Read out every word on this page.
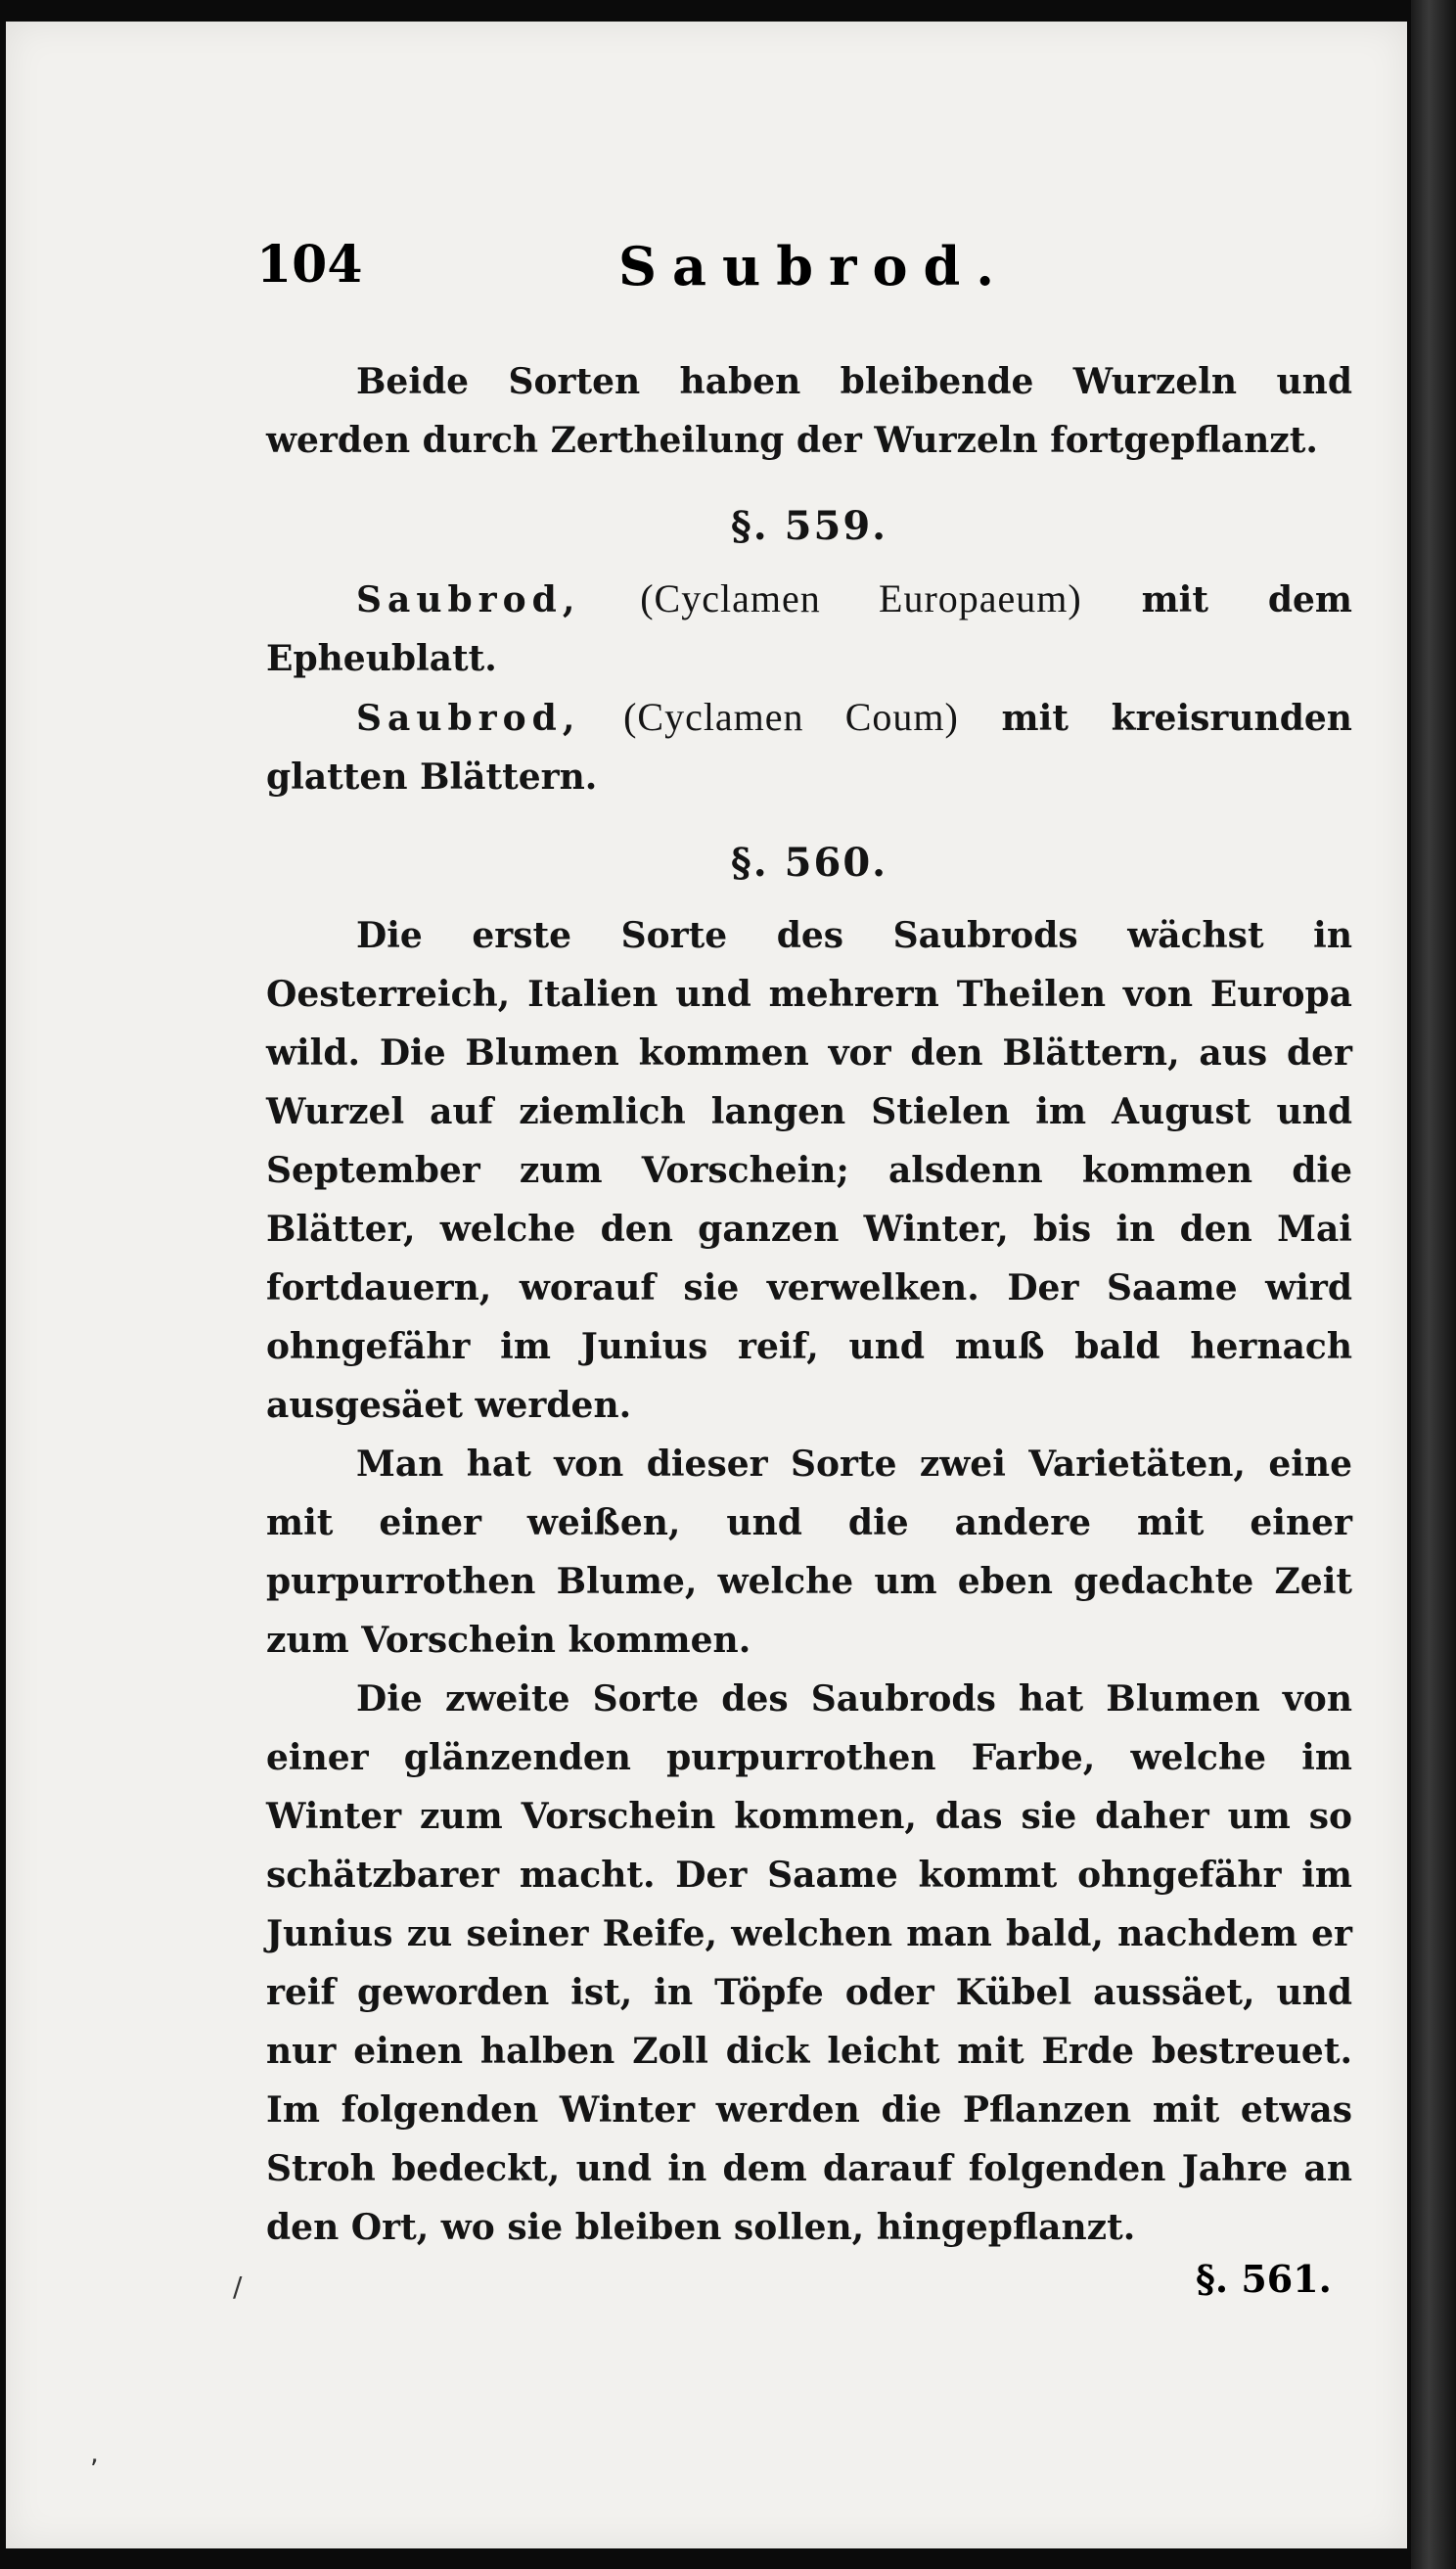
104	Saubrod.

Beide Sorten haben bleibende Wurzeln und werden durch Zertheilung der Wurzeln fortgepflanzt.

§. 559.

Saubrod, (Cyclamen Europaeum) mit dem Epheublatt.

Saubrod, (Cyclamen Coum) mit kreisrunden glatten Blättern.

§. 560.

Die erste Sorte des Saubrods wächst in Oesterreich, Italien und mehrern Theilen von Europa wild. Die Blumen kommen vor den Blättern, aus der Wurzel auf ziemlich langen Stielen im August und September zum Vorschein; alsdenn kommen die Blätter, welche den ganzen Winter, bis in den Mai fortdauern, worauf sie verwelken. Der Saame wird ohngefähr im Junius reif, und muß bald hernach ausgesäet werden.

Man hat von dieser Sorte zwei Varietäten, eine mit einer weißen, und die andere mit einer purpurrothen Blume, welche um eben gedachte Zeit zum Vorschein kommen.

Die zweite Sorte des Saubrods hat Blumen von einer glänzenden purpurrothen Farbe, welche im Winter zum Vorschein kommen, das sie daher um so schätzbarer macht. Der Saame kommt ohngefähr im Junius zu seiner Reife, welchen man bald, nachdem er reif geworden ist, in Töpfe oder Kübel aussäet, und nur einen halben Zoll dick leicht mit Erde bestreuet. Im folgenden Winter werden die Pflanzen mit etwas Stroh bedeckt, und in dem darauf folgenden Jahre an den Ort, wo sie bleiben sollen, hingepflanzt.

§. 561.
/
,
